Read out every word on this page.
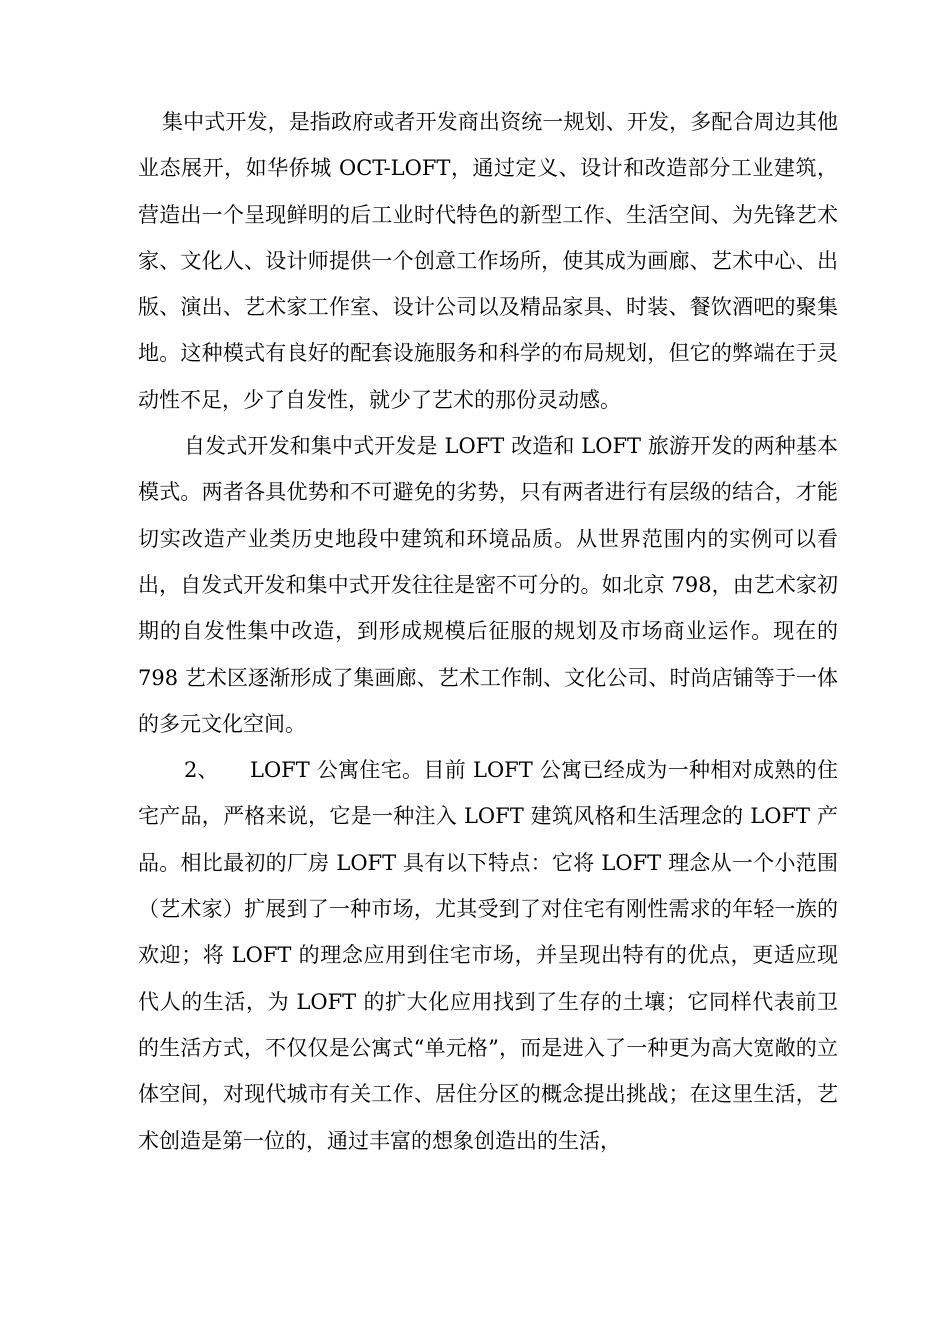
集中式开发，是指政府或者开发商出资统一规划、开发，多配合周边其他业态展开，如华侨城 OCT-LOFT，通过定义、设计和改造部分工业建筑，营造出一个呈现鲜明的后工业时代特色的新型工作、生活空间、为先锋艺术家、文化人、设计师提供一个创意工作场所，使其成为画廊、艺术中心、出版、演出、艺术家工作室、设计公司以及精品家具、时装、餐饮酒吧的聚集地。这种模式有良好的配套设施服务和科学的布局规划，但它的弊端在于灵动性不足，少了自发性，就少了艺术的那份灵动感。

自发式开发和集中式开发是 LOFT 改造和 LOFT 旅游开发的两种基本模式。两者各具优势和不可避免的劣势，只有两者进行有层级的结合，才能切实改造产业类历史地段中建筑和环境品质。从世界范围内的实例可以看出，自发式开发和集中式开发往往是密不可分的。如北京 798，由艺术家初期的自发性集中改造，到形成规模后征服的规划及市场商业运作。现在的 798 艺术区逐渐形成了集画廊、艺术工作制、文化公司、时尚店铺等于一体的多元文化空间。

2、 LOFT 公寓住宅。目前 LOFT 公寓已经成为一种相对成熟的住宅产品，严格来说，它是一种注入 LOFT 建筑风格和生活理念的 LOFT 产品。相比最初的厂房 LOFT 具有以下特点：它将 LOFT 理念从一个小范围（艺术家）扩展到了一种市场，尤其受到了对住宅有刚性需求的年轻一族的欢迎；将 LOFT 的理念应用到住宅市场，并呈现出特有的优点，更适应现代人的生活，为 LOFT 的扩大化应用找到了生存的土壤；它同样代表前卫的生活方式，不仅仅是公寓式“单元格”，而是进入了一种更为高大宽敞的立体空间，对现代城市有关工作、居住分区的概念提出挑战；在这里生活，艺术创造是第一位的，通过丰富的想象创造出的生活，
